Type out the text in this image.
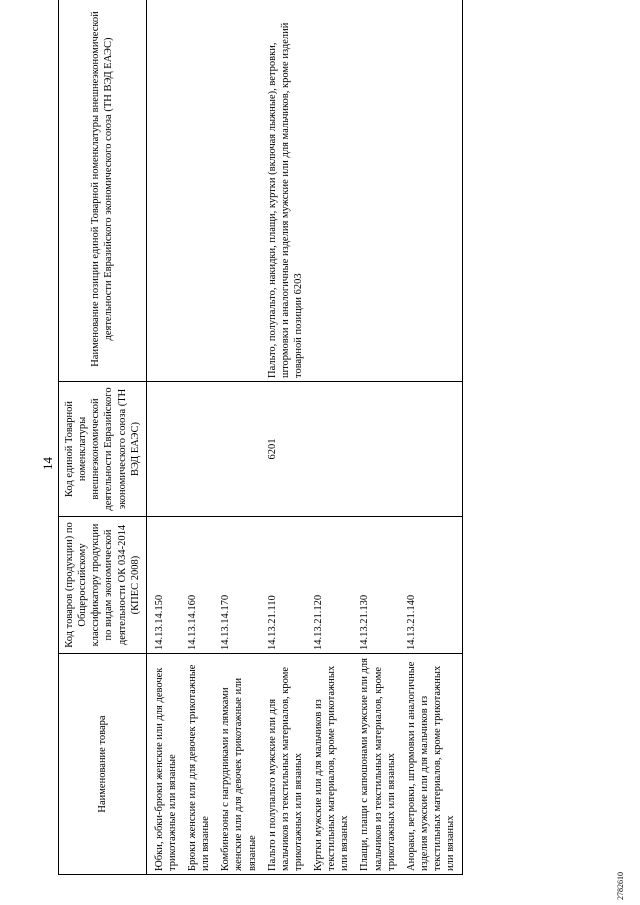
14
Наименование товара	Код товаров (продукции) по Общероссийскому классификатору продукции по видам экономической деятельности ОК 034-2014 (КПЕС 2008)	Код единой Товарной номенклатуры внешнеэкономической деятельности Евразийского экономического союза (ТН ВЭД ЕАЭС)	Наименование позиции единой Товарной номенклатуры внешнеэкономической деятельности Евразийского экономического союза (ТН ВЭД ЕАЭС)
Юбки, юбки-брюки женские или для девочек трикотажные или вязаные	14.13.14.150		
Брюки женские или для девочек трикотажные или вязаные	14.13.14.160		
Комбинезоны с нагрудниками и лямками женские или для девочек трикотажные или вязаные	14.13.14.170		
Пальто и полупальто мужские или для мальчиков из текстильных материалов, кроме трикотажных или вязаных	14.13.21.110	6201	Пальто, полупальто, накидки, плащи, куртки (включая лыжные), ветровки, штормовки и аналогичные изделия мужские или для мальчиков, кроме изделий товарной позиции 6203
Куртки мужские или для мальчиков из текстильных материалов, кроме трикотажных или вязаных	14.13.21.120		
Плащи, плащи с капюшонами мужские или для мальчиков из текстильных материалов, кроме трикотажных или вязаных	14.13.21.130		
Анораки, ветровки, штормовки и аналогичные изделия мужские или для мальчиков из текстильных материалов, кроме трикотажных или вязаных	14.13.21.140		
2782610
